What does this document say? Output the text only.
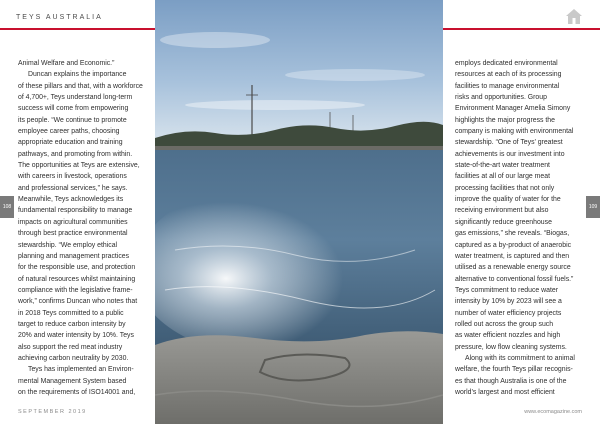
TEYS AUSTRALIA
Animal Welfare and Economic.”
Duncan explains the importance
of these pillars and that, with a workforce
of 4,700+, Teys understand long-term
success will come from empowering
its people. “We continue to promote
employee career paths, choosing
appropriate education and training
pathways, and promoting from within.
The opportunities at Teys are extensive,
with careers in livestock, operations
and professional services,” he says.
Meanwhile, Teys acknowledges its
fundamental responsibility to manage
impacts on agricultural communities
through best practice environmental
stewardship. “We employ ethical
planning and management practices
for the responsible use, and protection
of natural resources whilst maintaining
compliance with the legislative frame-
work,” confirms Duncan who notes that
in 2018 Teys committed to a public
target to reduce carbon intensity by
20% and water intensity by 10%. Teys
also support the red meat industry
achieving carbon neutrality by 2030.
Teys has implemented an Environ-
mental Management System based
on the requirements of ISO14001 and,
employs dedicated environmental
resources at each of its processing
facilities to manage environmental
risks and opportunities. Group
Environment Manager Amelia Simony
highlights the major progress the
company is making with environmental
stewardship. “One of Teys’ greatest
achievements is our investment into
state-of-the-art water treatment
facilities at all of our large meat
processing facilities that not only
improve the quality of water for the
receiving environment but also
significantly reduce greenhouse
gas emissions,” she reveals. “Biogas,
captured as a by-product of anaerobic
water treatment, is captured and then
utilised as a renewable energy source
alternative to conventional fossil fuels.”
Teys commitment to reduce water
intensity by 10% by 2023 will see a
number of water efficiency projects
rolled out across the group such
as water efficient nozzles and high
pressure, low flow cleaning systems.
Along with its commitment to animal
welfare, the fourth Teys pillar recognis-
es that though Australia is one of the
world’s largest and most efficient
108	109
SEPTEMBER 2019	www.ecomagazine.com
